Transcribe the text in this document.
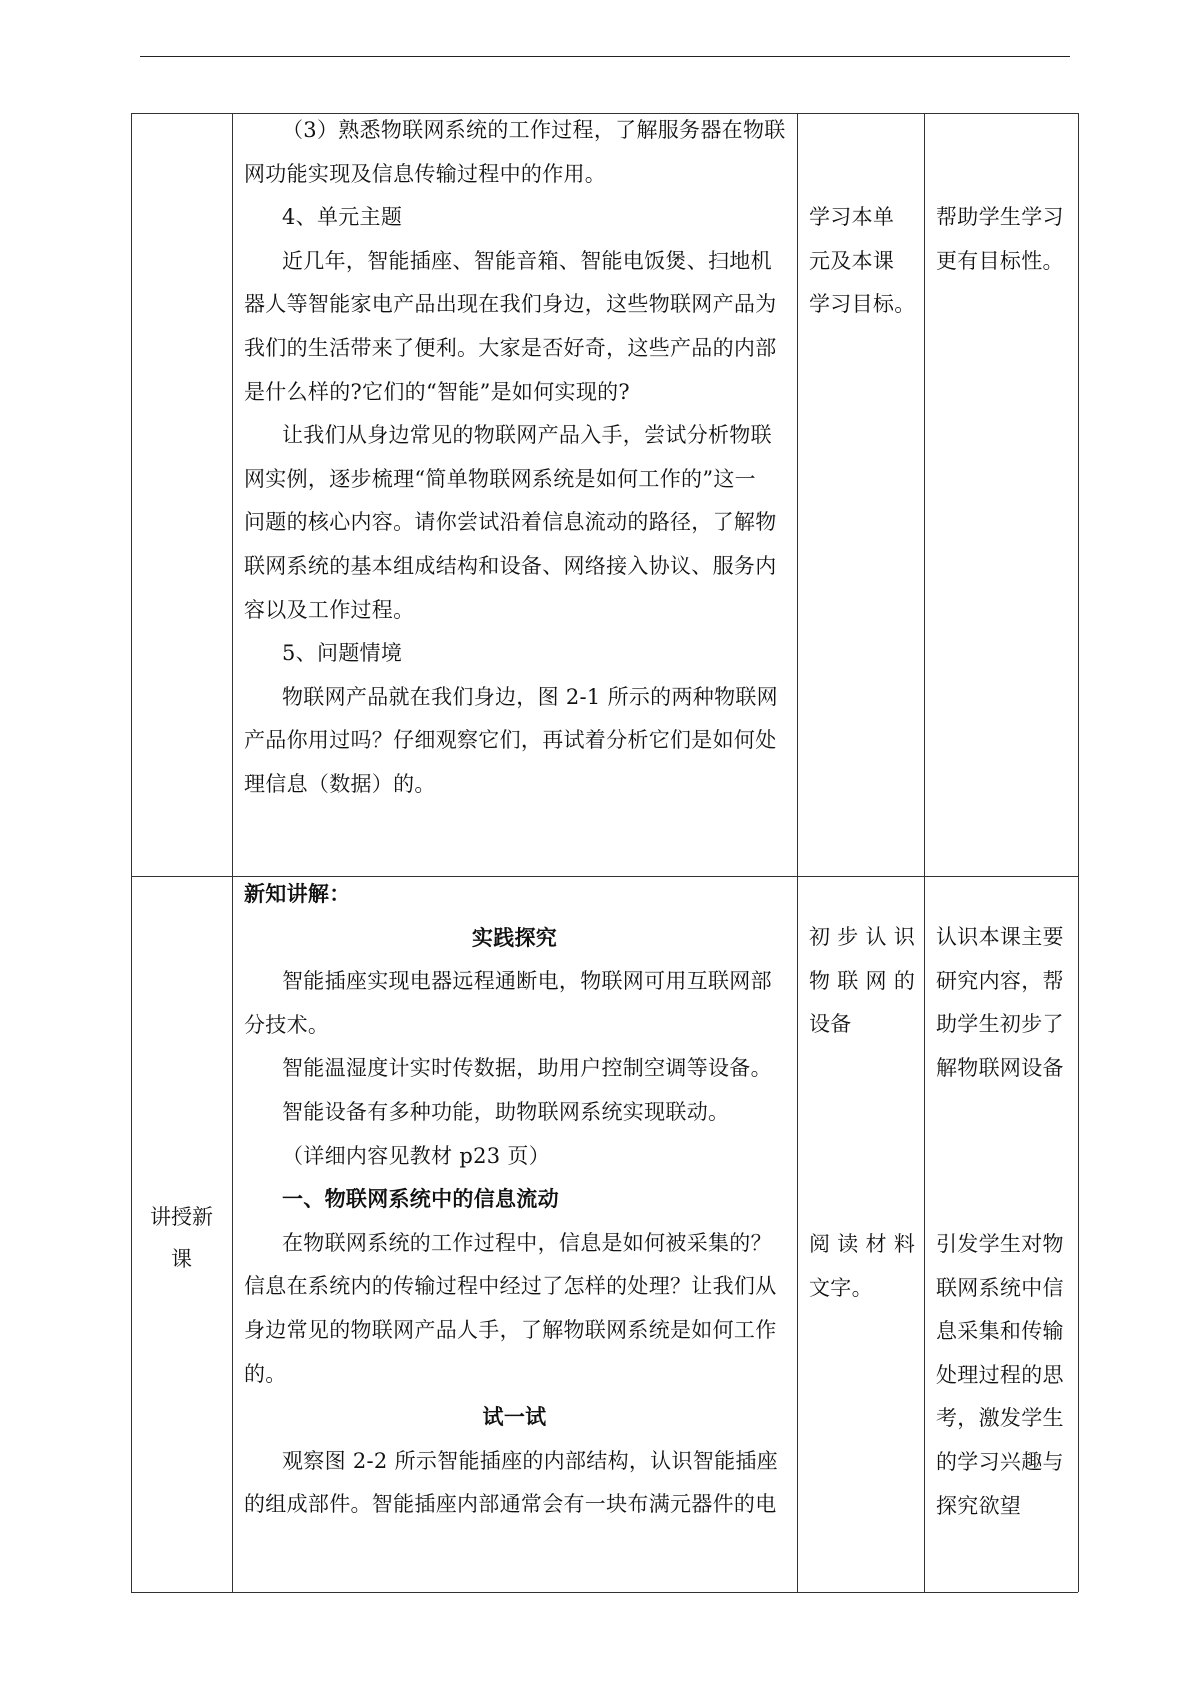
（3）熟悉物联网系统的工作过程，了解服务器在物联
网功能实现及信息传输过程中的作用。
4、单元主题
近几年，智能插座、智能音箱、智能电饭煲、扫地机
器人等智能家电产品出现在我们身边，这些物联网产品为
我们的生活带来了便利。大家是否好奇，这些产品的内部
是什么样的?它们的“智能”是如何实现的?
让我们从身边常见的物联网产品入手，尝试分析物联
网实例，逐步梳理“简单物联网系统是如何工作的”这一
问题的核心内容。请你尝试沿着信息流动的路径，了解物
联网系统的基本组成结构和设备、网络接入协议、服务内
容以及工作过程。
5、问题情境
物联网产品就在我们身边，图 2-1 所示的两种物联网
产品你用过吗？仔细观察它们，再试着分析它们是如何处
理信息（数据）的。
学习本单
元及本课
学习目标。
帮助学生学习
更有目标性。
讲授新
课
新知讲解：
实践探究
智能插座实现电器远程通断电，物联网可用互联网部
分技术。
智能温湿度计实时传数据，助用户控制空调等设备。
智能设备有多种功能，助物联网系统实现联动。
（详细内容见教材 p23 页）
一、物联网系统中的信息流动
在物联网系统的工作过程中，信息是如何被采集的？
信息在系统内的传输过程中经过了怎样的处理？让我们从
身边常见的物联网产品人手，了解物联网系统是如何工作
的。
试一试
观察图 2-2 所示智能插座的内部结构，认识智能插座
的组成部件。智能插座内部通常会有一块布满元器件的电
初 步 认 识
物 联 网 的
设备
阅 读 材 料
文字。
认识本课主要
研究内容，帮
助学生初步了
解物联网设备
引发学生对物
联网系统中信
息采集和传输
处理过程的思
考，激发学生
的学习兴趣与
探究欲望
